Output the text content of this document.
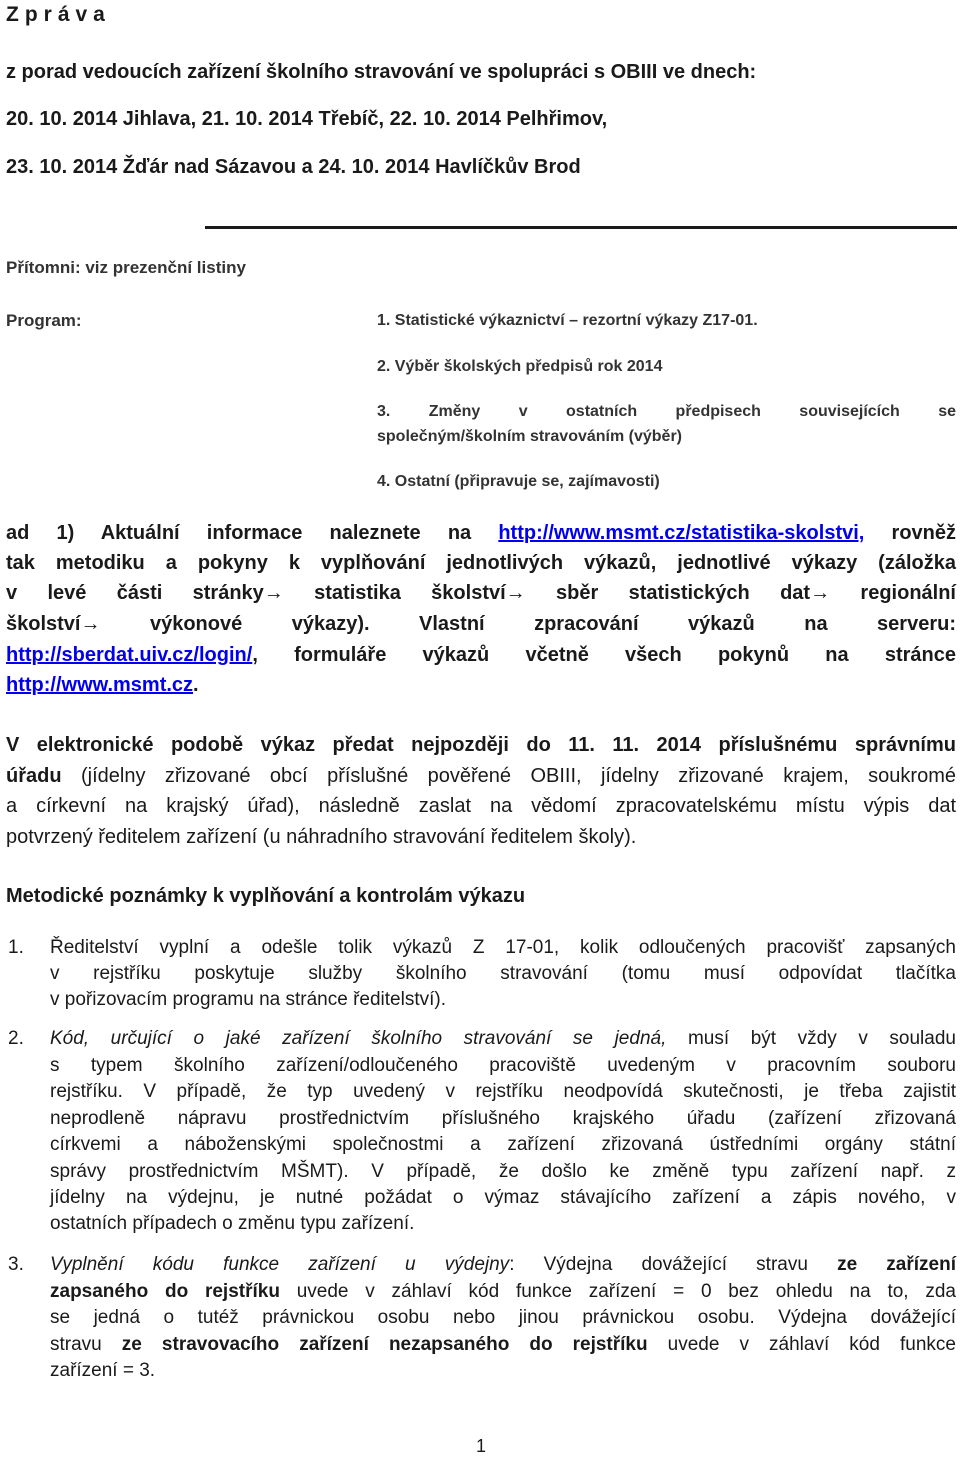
Zpráva
z porad vedoucích zařízení školního stravování ve spolupráci s OBIII ve dnech:
20. 10. 2014 Jihlava, 21. 10. 2014 Třebíč, 22. 10. 2014 Pelhřimov,
23. 10. 2014 Žďár nad Sázavou a 24. 10. 2014 Havlíčkův Brod
Přítomni: viz prezenční listiny
Program:	1. Statistické výkaznictví – rezortní výkazy Z17-01.
2. Výběr školských předpisů rok 2014
3. Změny v ostatních předpisech souvisejících se
společným/školním stravováním (výběr)
4. Ostatní (připravuje se, zajímavosti)
ad 1) Aktuální informace naleznete na http://www.msmt.cz/statistika-skolstvi, rovněž
tak metodiku a pokyny k vyplňování jednotlivých výkazů, jednotlivé výkazy (záložka
v levé části stránky→ statistika školství→ sběr statistických dat→ regionální
školství→ výkonové výkazy). Vlastní zpracování výkazů na serveru:
http://sberdat.uiv.cz/login/, formuláře výkazů včetně všech pokynů na stránce
http://www.msmt.cz.
V elektronické podobě výkaz předat nejpozději do 11. 11. 2014 příslušnému správnímu
úřadu (jídelny zřizované obcí příslušné pověřené OBIII, jídelny zřizované krajem, soukromé
a církevní na krajský úřad), následně zaslat na vědomí zpracovatelskému místu výpis dat
potvrzený ředitelem zařízení (u náhradního stravování ředitelem školy).
Metodické poznámky k vyplňování a kontrolám výkazu
1. Ředitelství vyplní a odešle tolik výkazů Z 17-01, kolik odloučených pracovišť zapsaných
v rejstříku poskytuje služby školního stravování (tomu musí odpovídat tlačítka
v pořizovacím programu na stránce ředitelství).
2. Kód, určující o jaké zařízení školního stravování se jedná, musí být vždy v souladu
s typem školního zařízení/odloučeného pracoviště uvedeným v pracovním souboru
rejstříku. V případě, že typ uvedený v rejstříku neodpovídá skutečnosti, je třeba zajistit
neprodleně nápravu prostřednictvím příslušného krajského úřadu (zařízení zřizovaná
církvemi a náboženskými společnostmi a zařízení zřizovaná ústředními orgány státní
správy prostřednictvím MŠMT). V případě, že došlo ke změně typu zařízení např. z
jídelny na výdejnu, je nutné požádat o výmaz stávajícího zařízení a zápis nového, v
ostatních případech o změnu typu zařízení.
3. Vyplnění kódu funkce zařízení u výdejny: Výdejna dovážející stravu ze zařízení
zapsaného do rejstříku uvede v záhlaví kód funkce zařízení = 0 bez ohledu na to, zda
se jedná o tutéž právnickou osobu nebo jinou právnickou osobu. Výdejna dovážející
stravu ze stravovacího zařízení nezapsaného do rejstříku uvede v záhlaví kód funkce
zařízení = 3.
1
